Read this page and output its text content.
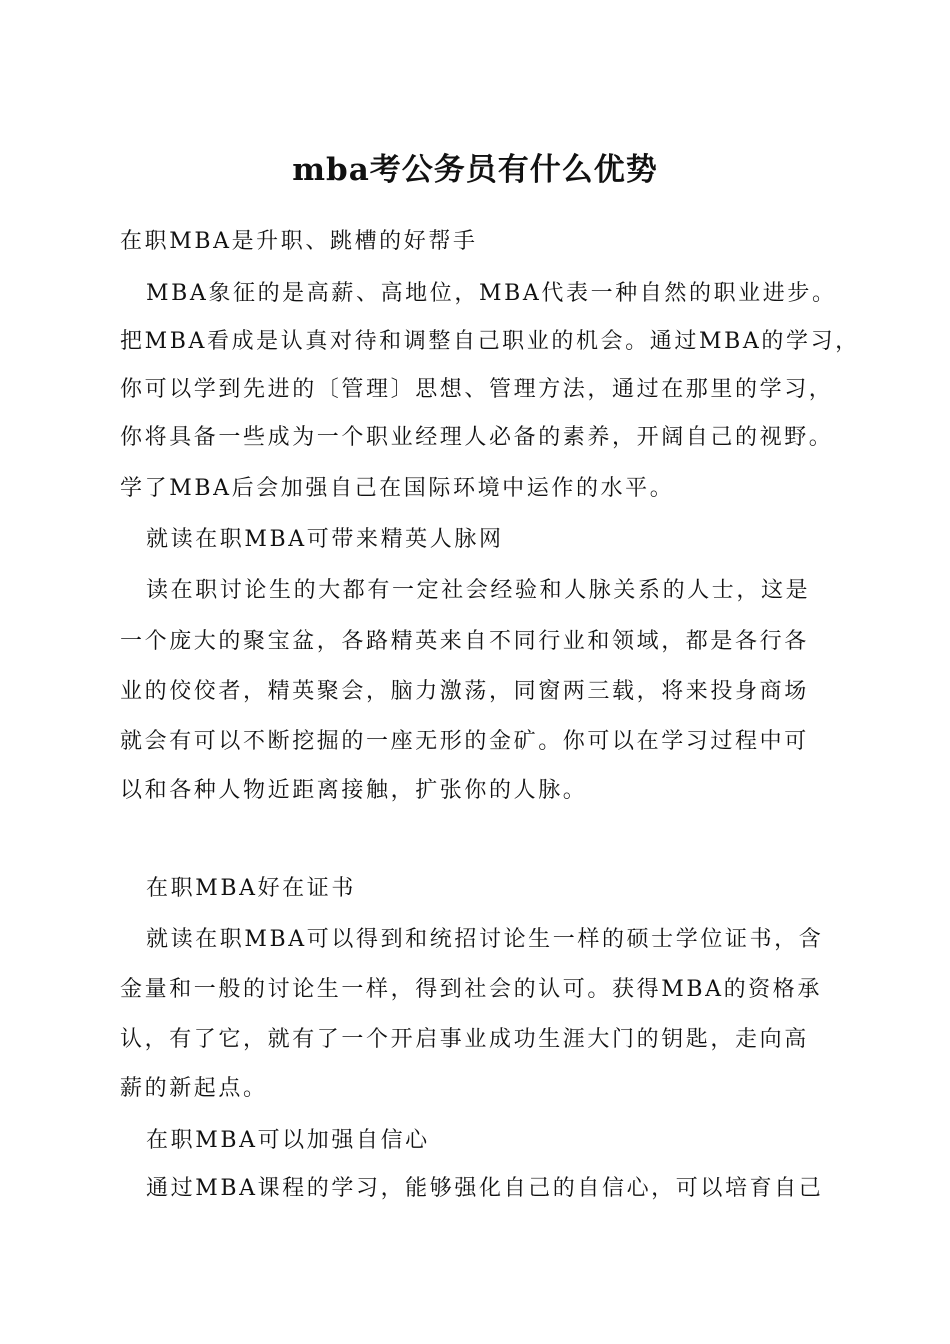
mba考公务员有什么优势
在职MBA是升职、跳槽的好帮手
MBA象征的是高薪、高地位，MBA代表一种自然的职业进步。
把MBA看成是认真对待和调整自己职业的机会。通过MBA的学习，
你可以学到先进的〔管理〕思想、管理方法，通过在那里的学习，
你将具备一些成为一个职业经理人必备的素养，开阔自己的视野。
学了MBA后会加强自己在国际环境中运作的水平。
就读在职MBA可带来精英人脉网
读在职讨论生的大都有一定社会经验和人脉关系的人士，这是
一个庞大的聚宝盆，各路精英来自不同行业和领域，都是各行各
业的佼佼者，精英聚会，脑力激荡，同窗两三载，将来投身商场
就会有可以不断挖掘的一座无形的金矿。你可以在学习过程中可
以和各种人物近距离接触，扩张你的人脉。
在职MBA好在证书
就读在职MBA可以得到和统招讨论生一样的硕士学位证书，含
金量和一般的讨论生一样，得到社会的认可。获得MBA的资格承
认，有了它，就有了一个开启事业成功生涯大门的钥匙，走向高
薪的新起点。
在职MBA可以加强自信心
通过MBA课程的学习，能够强化自己的自信心，可以培育自己
